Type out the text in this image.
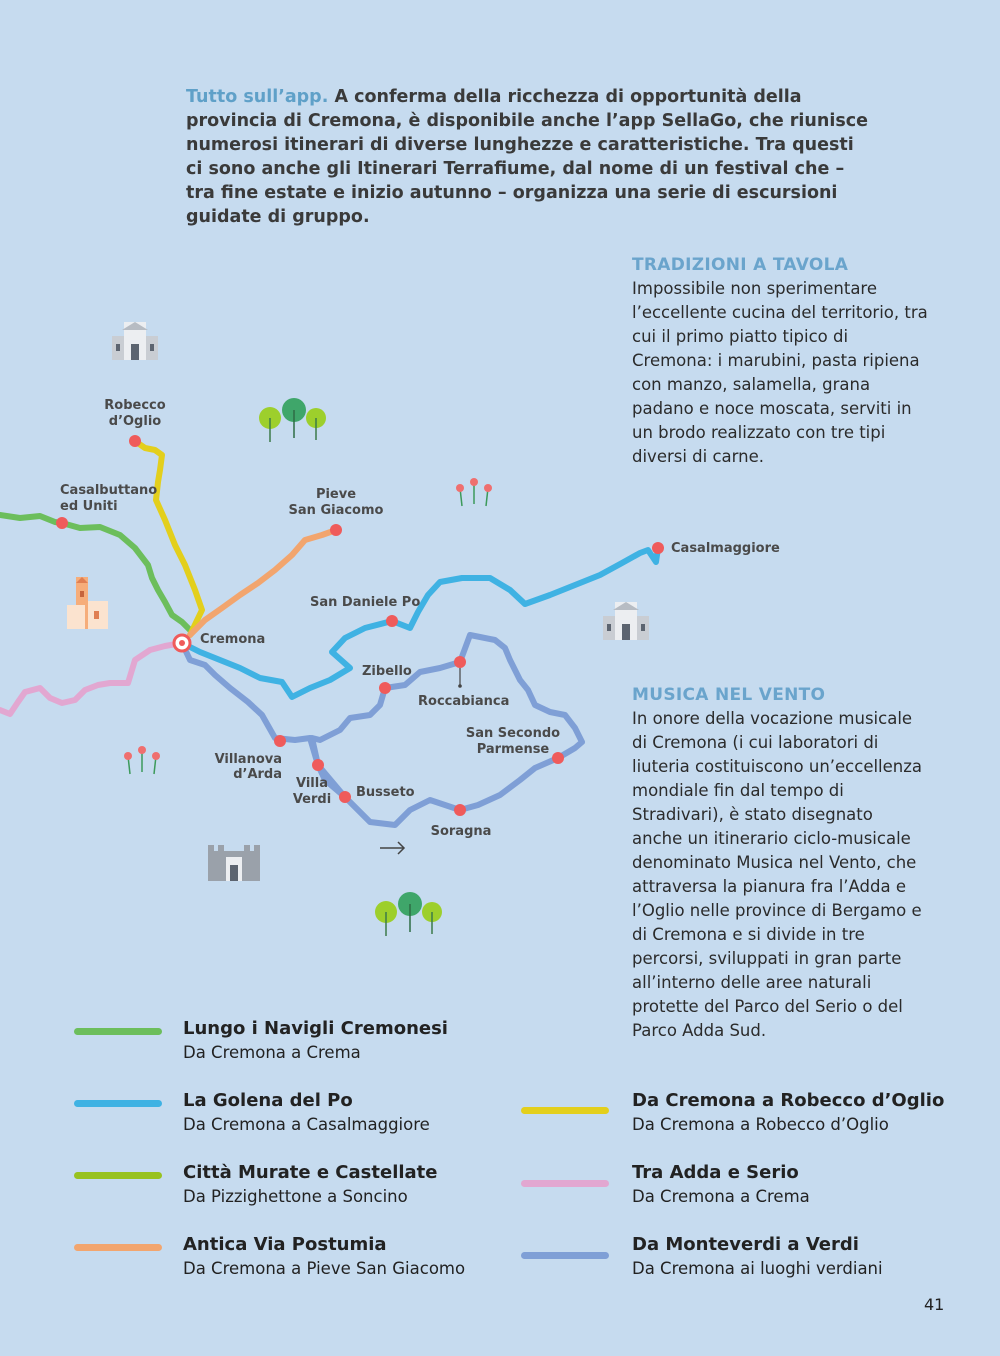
Tutto sull’app. A conferma della ricchezza di opportunità della provincia di Cremona, è disponibile anche l’app SellaGo, che riunisce numerosi itinerari di diverse lunghezze e caratteristiche. Tra questi ci sono anche gli Itinerari Terrafiume, dal nome di un festival che – tra fine estate e inizio autunno – organizza una serie di escursioni guidate di gruppo.
TRADIZIONI A TAVOLA
Impossibile non sperimentare l’eccellente cucina del territorio, tra cui il primo piatto tipico di Cremona: i marubini, pasta ripiena con manzo, salamella, grana padano e noce moscata, serviti in un brodo realizzato con tre tipi diversi di carne.
MUSICA NEL VENTO
In onore della vocazione musicale di Cremona (i cui laboratori di liuteria costituiscono un’eccellenza mondiale fin dal tempo di Stradivari), è stato disegnato anche un itinerario ciclo-musicale denominato Musica nel Vento, che attraversa la pianura fra l’Adda e l’Oglio nelle province di Bergamo e di Cremona e si divide in tre percorsi, sviluppati in gran parte all’interno delle aree naturali protette del Parco del Serio o del Parco Adda Sud.
Robecco
d’Oglio
Casalbuttano
ed Uniti
Pieve
San Giacomo
Casalmaggiore
San Daniele Po
Cremona
Zibello
Roccabianca
San Secondo
Parmense
Villanova
d’Arda
Villa
Verdi Busseto
Soragna
Lungo i Navigli Cremonesi
Da Cremona a Crema
La Golena del Po
Da Cremona a Casalmaggiore
Città Murate e Castellate
Da Pizzighettone a Soncino
Antica Via Postumia
Da Cremona a Pieve San Giacomo
Da Cremona a Robecco d’Oglio
Da Cremona a Robecco d’Oglio
Tra Adda e Serio
Da Cremona a Crema
Da Monteverdi a Verdi
Da Cremona ai luoghi verdiani
41
